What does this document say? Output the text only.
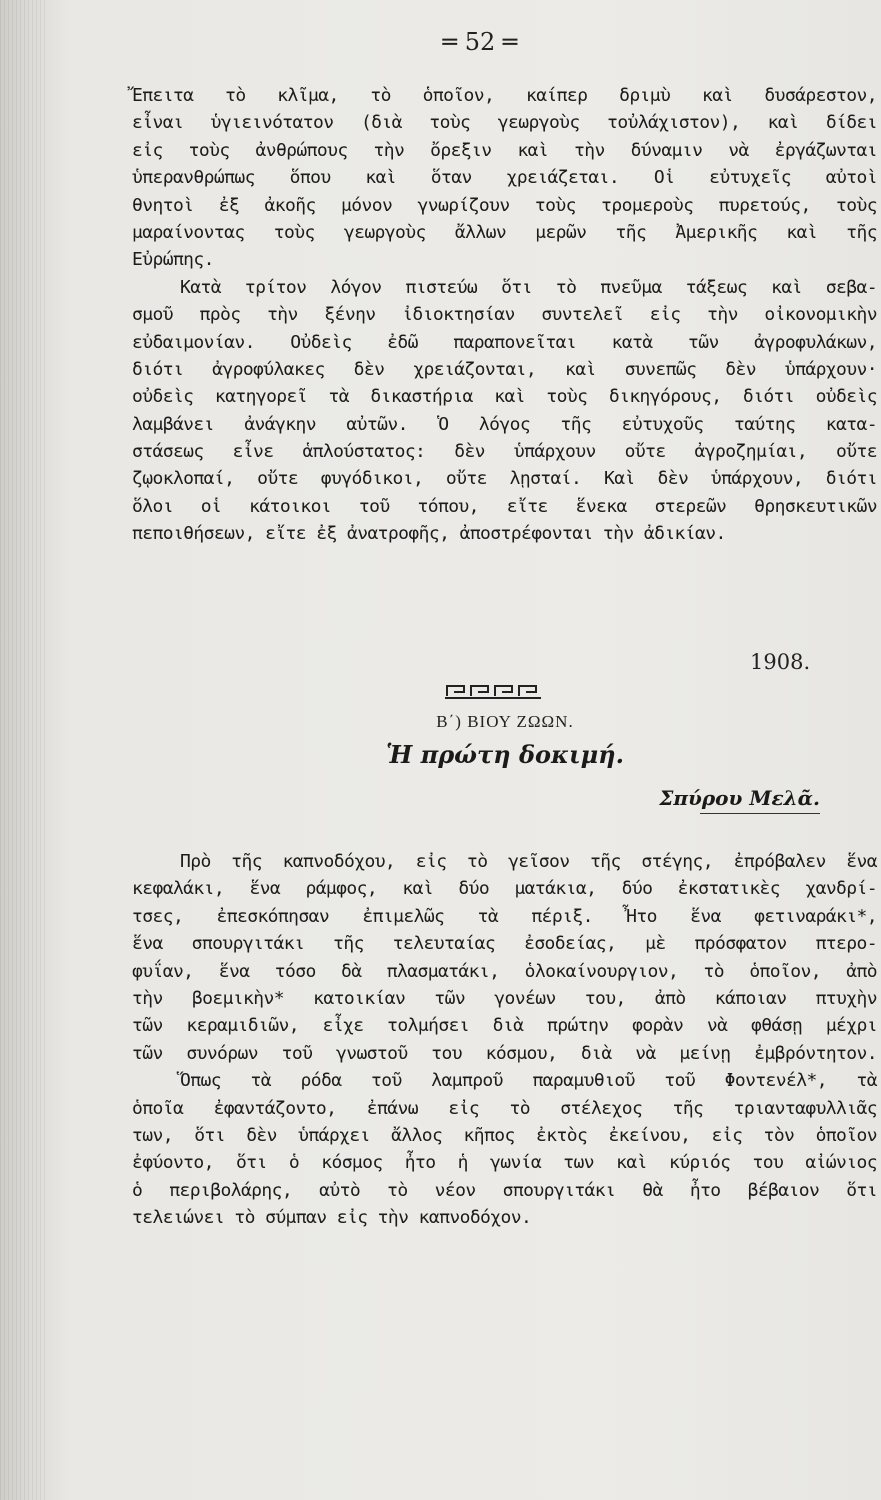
═ 52 ═
Ἔπειτα τὸ κλῖμα, τὸ ὁποῖον, καίπερ δριμὺ καὶ δυσάρεστον,
εἶναι ὑγιεινότατον (διὰ τοὺς γεωργοὺς τοὐλάχιστον), καὶ δίδει
εἰς τοὺς ἀνθρώπους τὴν ὄρεξιν καὶ τὴν δύναμιν νὰ ἐργάζωνται
ὑπερανθρώπως ὅπου καὶ ὅταν χρειάζεται. Οἱ εὐτυχεῖς αὐτοὶ
θνητοὶ ἐξ ἀκοῆς μόνον γνωρίζουν τοὺς τρομεροὺς πυρετούς, τοὺς
μαραίνοντας τοὺς γεωργοὺς ἄλλων μερῶν τῆς Ἀμερικῆς καὶ τῆς
Εὐρώπης.
Κατὰ τρίτον λόγον πιστεύω ὅτι τὸ πνεῦμα τάξεως καὶ σεβα-
σμοῦ πρὸς τὴν ξένην ἰδιοκτησίαν συντελεῖ εἰς τὴν οἰκονομικὴν
εὐδαιμονίαν. Οὐδεὶς ἐδῶ παραπονεῖται κατὰ τῶν ἀγροφυλάκων,
διότι ἀγροφύλακες δὲν χρειάζονται, καὶ συνεπῶς δὲν ὑπάρχουν·
οὐδεὶς κατηγορεῖ τὰ δικαστήρια καὶ τοὺς δικηγόρους, διότι οὐδεὶς
λαμβάνει ἀνάγκην αὐτῶν. Ὁ λόγος τῆς εὐτυχοῦς ταύτης κατα-
στάσεως εἶνε ἁπλούστατος: δὲν ὑπάρχουν οὔτε ἀγροζημίαι, οὔτε
ζῳοκλοπαί, οὔτε φυγόδικοι, οὔτε λῃσταί. Καὶ δὲν ὑπάρχουν, διότι
ὅλοι οἱ κάτοικοι τοῦ τόπου, εἴτε ἕνεκα στερεῶν θρησκευτικῶν
πεποιθήσεων, εἴτε ἐξ ἀνατροφῆς, ἀποστρέφονται τὴν ἀδικίαν.
1908.
Β΄) ΒΙΟΥ ΖΩΩΝ.
Ἡ πρώτη δοκιμή.
Σπύρου Μελᾶ.
Πρὸ τῆς καπνοδόχου, εἰς τὸ γεῖσον τῆς στέγης, ἐπρόβαλεν ἕνα
κεφαλάκι, ἕνα ράμφος, καὶ δύο ματάκια, δύο ἐκστατικὲς χανδρί-
τσες, ἐπεσκόπησαν ἐπιμελῶς τὰ πέριξ. Ἦτο ἕνα φετιναράκι*,
ἕνα σπουργιτάκι τῆς τελευταίας ἐσοδείας, μὲ πρόσφατον πτερο-
φυΐαν, ἕνα τόσο δὰ πλασματάκι, ὁλοκαίνουργιον, τὸ ὁποῖον, ἀπὸ
τὴν βοεμικὴν* κατοικίαν τῶν γονέων του, ἀπὸ κάποιαν πτυχὴν
τῶν κεραμιδιῶν, εἶχε τολμήσει διὰ πρώτην φορὰν νὰ φθάσῃ μέχρι
τῶν συνόρων τοῦ γνωστοῦ του κόσμου, διὰ νὰ μείνῃ ἐμβρόντητον.
Ὅπως τὰ ρόδα τοῦ λαμπροῦ παραμυθιοῦ τοῦ Φοντενέλ*, τὰ
ὁποῖα ἐφαντάζοντο, ἐπάνω εἰς τὸ στέλεχος τῆς τριανταφυλλιᾶς
των, ὅτι δὲν ὑπάρχει ἄλλος κῆπος ἐκτὸς ἐκείνου, εἰς τὸν ὁποῖον
ἐφύοντο, ὅτι ὁ κόσμος ἦτο ἡ γωνία των καὶ κύριός του αἰώνιος
ὁ περιβολάρης, αὐτὸ τὸ νέον σπουργιτάκι θὰ ἦτο βέβαιον ὅτι
τελειώνει τὸ σύμπαν εἰς τὴν καπνοδόχον.
